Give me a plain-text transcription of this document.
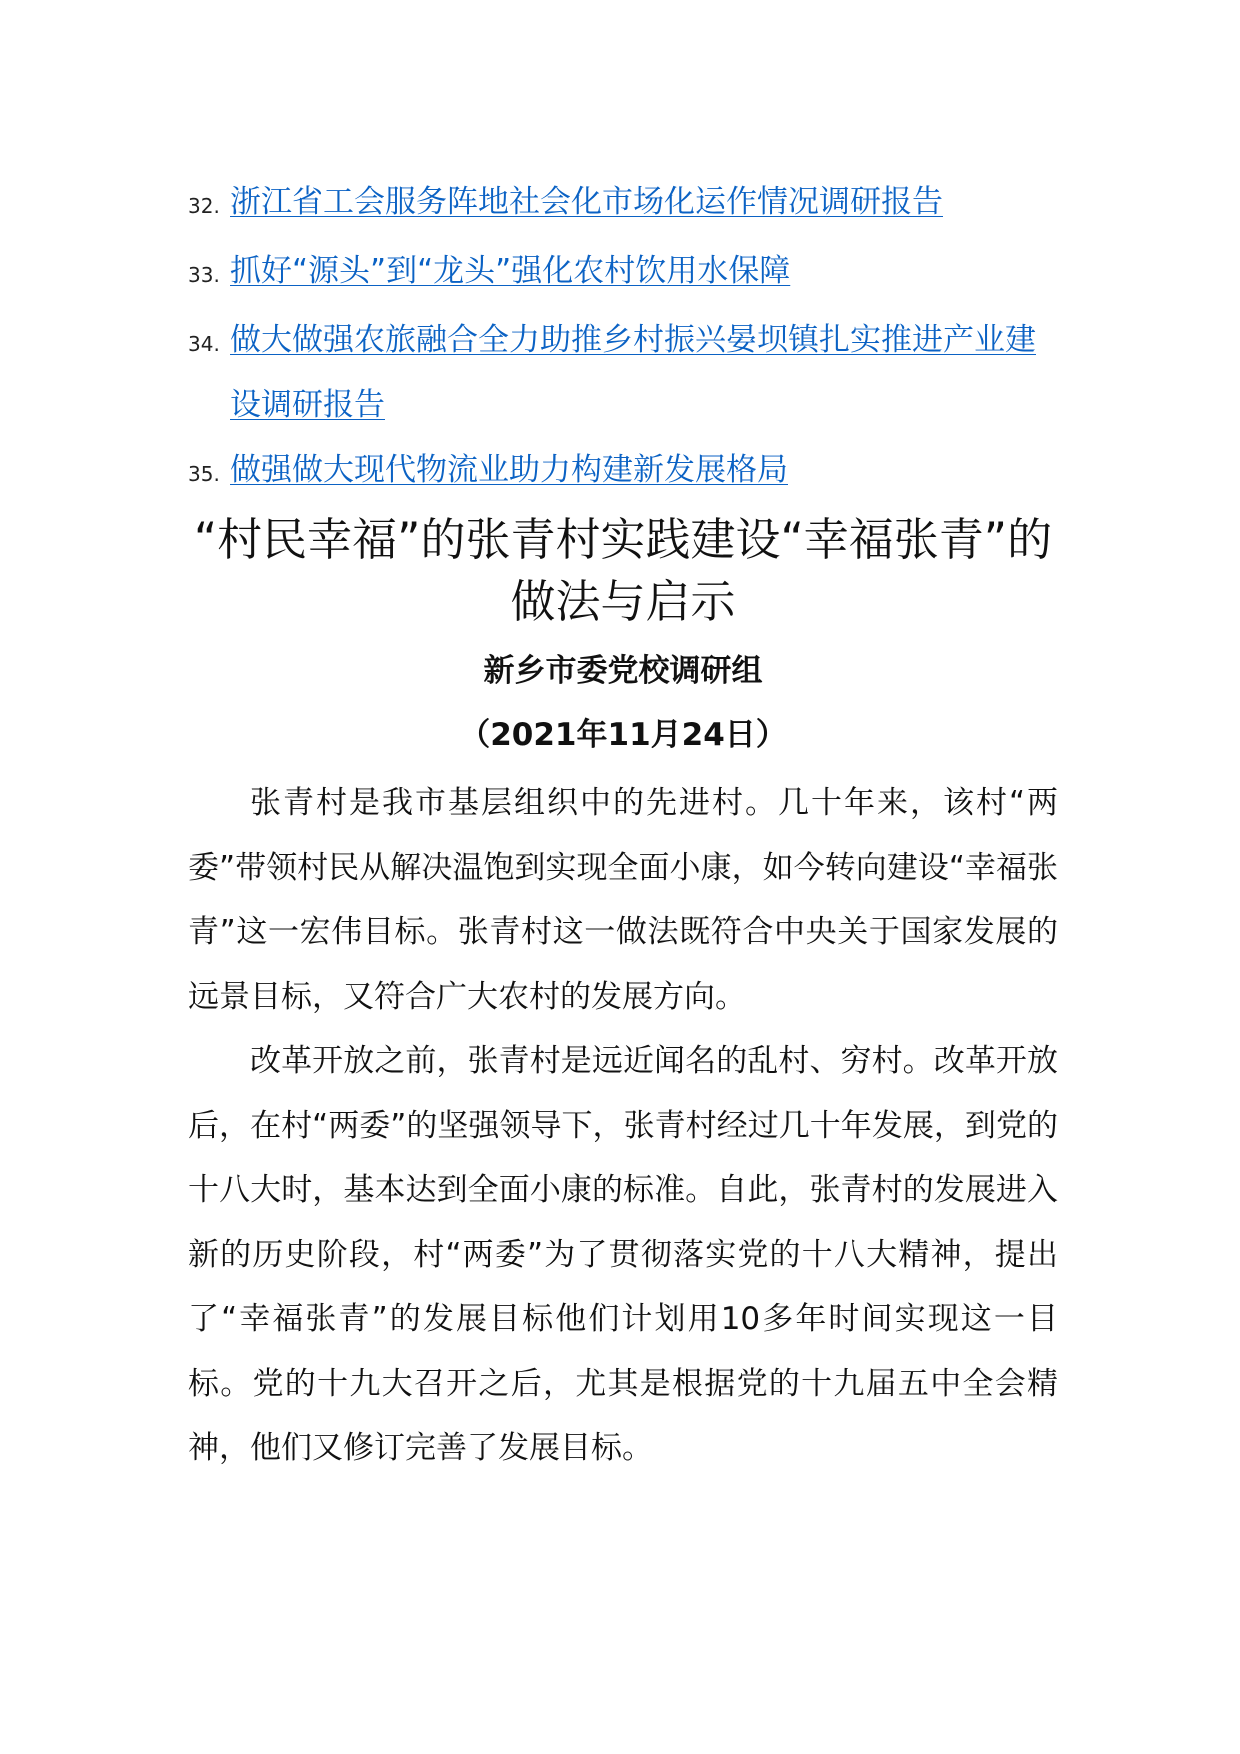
32. 浙江省工会服务阵地社会化市场化运作情况调研报告
33. 抓好“源头”到“龙头”强化农村饮用水保障
34. 做大做强农旅融合全力助推乡村振兴晏坝镇扎实推进产业建设调研报告
35. 做强做大现代物流业助力构建新发展格局
“村民幸福”的张青村实践建设“幸福张青”的做法与启示
新乡市委党校调研组
（2021年11月24日）

张青村是我市基层组织中的先进村。几十年来，该村“两委”带领村民从解决温饱到实现全面小康，如今转向建设“幸福张青”这一宏伟目标。张青村这一做法既符合中央关于国家发展的远景目标，又符合广大农村的发展方向。

改革开放之前，张青村是远近闻名的乱村、穷村。改革开放后，在村“两委”的坚强领导下，张青村经过几十年发展，到党的十八大时，基本达到全面小康的标准。自此，张青村的发展进入新的历史阶段，村“两委”为了贯彻落实党的十八大精神，提出了“幸福张青”的发展目标他们计划用10多年时间实现这一目标。党的十九大召开之后，尤其是根据党的十九届五中全会精神，他们又修订完善了发展目标。
